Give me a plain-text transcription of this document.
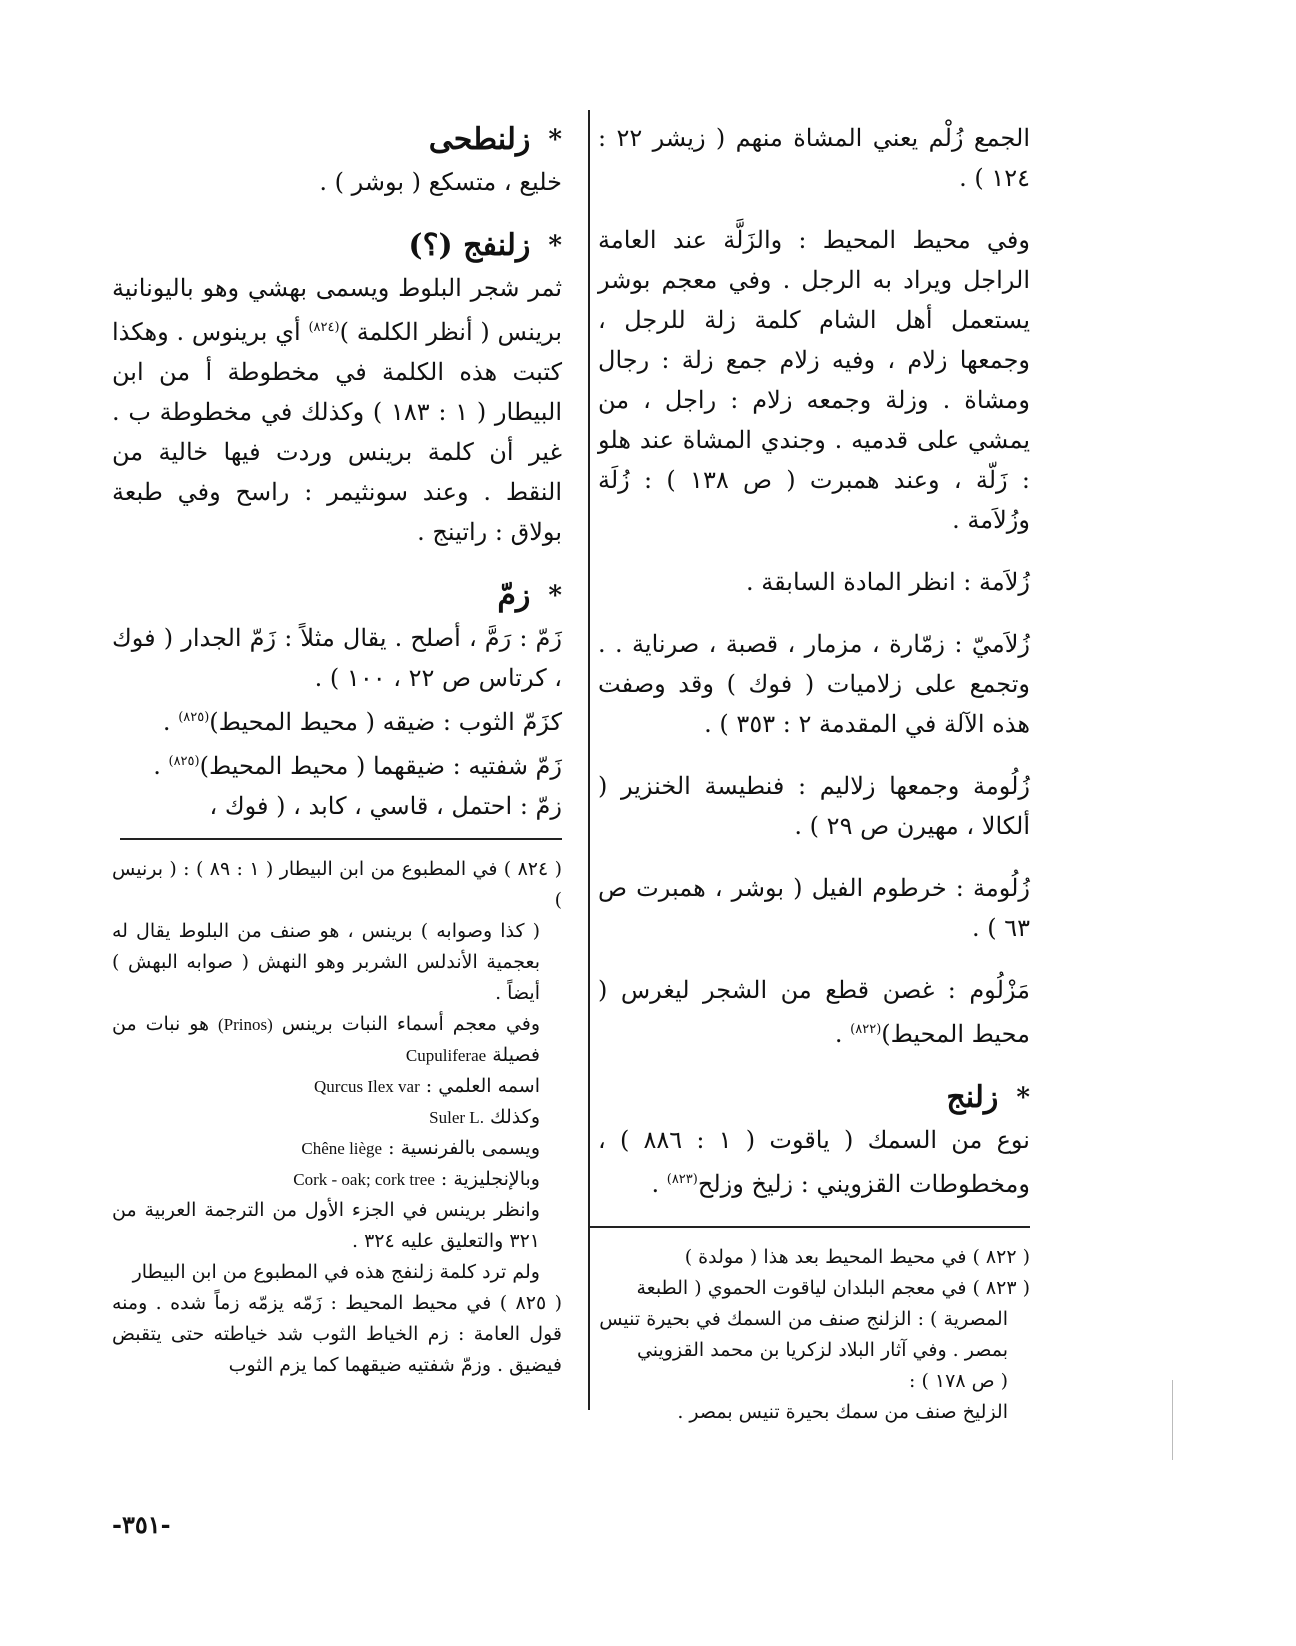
الجمع زُلْم يعني المشاة منهم ( زيشر ٢٢ : ١٢٤ ) .

وفي محيط المحيط : والزَلَّة عند العامة الراجل ويراد به الرجل . وفي معجم بوشر يستعمل أهل الشام كلمة زلة للرجل ، وجمعها زلام ، وفيه زلام جمع زلة : رجال ومشاة . وزلة وجمعه زلام : راجل ، من يمشي على قدميه . وجندي المشاة عند هلو : زَلّة ، وعند همبرت ( ص ١٣٨ ) : زُلَة وزُلاَمة .

زُلاَمة : انظر المادة السابقة .

زُلاَميّ : زمّارة ، مزمار ، قصبة ، صرناية . . وتجمع على زلاميات ( فوك ) وقد وصفت هذه الآلة في المقدمة ٢ : ٣٥٣ ) .

زُلُومة وجمعها زلاليم : فنطيسة الخنزير ( ألكالا ، مهيرن ص ٢٩ ) .

زُلُومة : خرطوم الفيل ( بوشر ، همبرت ص ٦٣ ) .

مَزْلُوم : غصن قطع من الشجر ليغرس ( محيط المحيط)$^{(٨٢٢)}$ .

*
زلنج

نوع من السمك ( ياقوت ( ١ : ٨٨٦ ) ، ومخطوطات القزويني : زليخ وزلح$^{(٨٢٣)}$ .

( ٨٢٢ ) في محيط المحيط بعد هذا ( مولدة )

( ٨٢٣ ) في معجم البلدان لياقوت الحموي ( الطبعة

المصرية ) : الزلنج صنف من السمك في بحيرة تنيس

بمصر . وفي آثار البلاد لزكريا بن محمد القزويني

( ص ١٧٨ ) :

الزليخ صنف من سمك بحيرة تنيس بمصر .

*
زلنطحى

خليع ، متسكع ( بوشر ) .

*
زلنفج (؟)

ثمر شجر البلوط ويسمى بهشي وهو باليونانية برينس ( أنظر الكلمة )$^{(٨٢٤)}$ أي برينوس . وهكذا كتبت هذه الكلمة في مخطوطة أ من ابن البيطار ( ١ : ١٨٣ ) وكذلك في مخطوطة ب . غير أن كلمة برينس وردت فيها خالية من النقط . وعند سونثيمر : راسح وفي طبعة بولاق : راتينج .

*
زمّ

زَمّ : رَمَّ ، أصلح . يقال مثلاً : زَمّ الجدار ( فوك ، كرتاس ص ٢٢ ، ١٠٠ ) .

كزَمّ الثوب : ضيقه ( محيط المحيط)$^{(٨٢٥)}$ .

زَمّ شفتيه : ضيقهما ( محيط المحيط)$^{(٨٢٥)}$ .

زمّ : احتمل ، قاسي ، كابد ، ( فوك ،

( ٨٢٤ ) في المطبوع من ابن البيطار ( ١ : ٨٩ ) : ( برنيس )

( كذا وصوابه ) برينس ، هو صنف من البلوط يقال له بعجمية الأندلس الشربر وهو النهش ( صوابه البهش ) أيضاً .

وفي معجم أسماء النبات برينس (Prinos) هو نبات من فصيلة Cupuliferae

اسمه العلمي : Qurcus Ilex var

وكذلك Suler L.

ويسمى بالفرنسية : Chêne liège

وبالإنجليزية : Cork - oak; cork tree

وانظر برينس في الجزء الأول من الترجمة العربية من ٣٢١ والتعليق عليه ٣٢٤ .

ولم ترد كلمة زلنفج هذه في المطبوع من ابن البيطار

( ٨٢٥ ) في محيط المحيط : زَمّه يزمّه زماً شده . ومنه قول العامة : زم الخياط الثوب شد خياطته حتى يتقبض فيضيق . وزمّ شفتيه ضيقهما كما يزم الثوب

-٣٥١-
